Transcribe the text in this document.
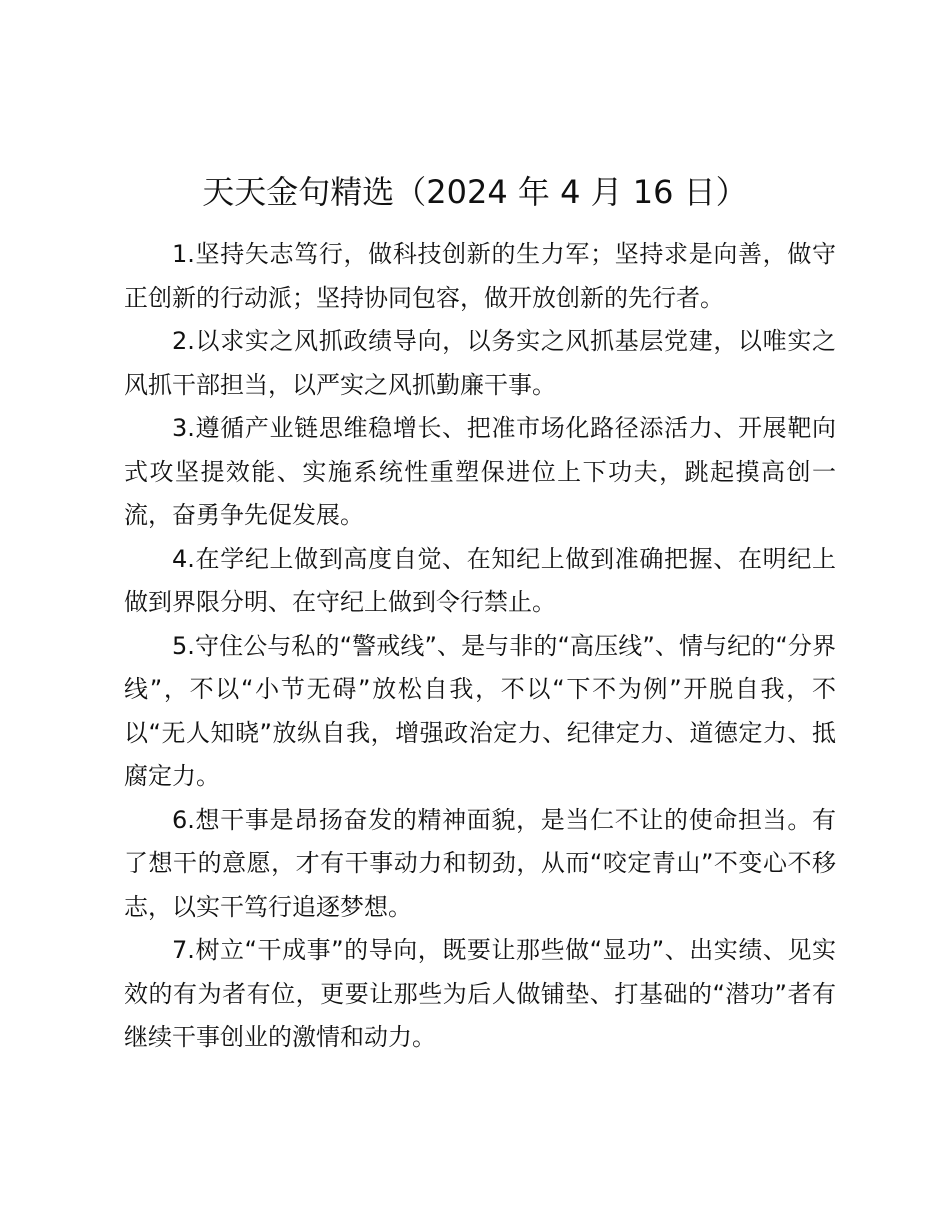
天天金句精选（2024 年 4 月 16 日）

1.坚持矢志笃行，做科技创新的生力军；坚持求是向善，做守正创新的行动派；坚持协同包容，做开放创新的先行者。

2.以求实之风抓政绩导向，以务实之风抓基层党建，以唯实之风抓干部担当，以严实之风抓勤廉干事。

3.遵循产业链思维稳增长、把准市场化路径添活力、开展靶向式攻坚提效能、实施系统性重塑保进位上下功夫，跳起摸高创一流，奋勇争先促发展。

4.在学纪上做到高度自觉、在知纪上做到准确把握、在明纪上做到界限分明、在守纪上做到令行禁止。

5.守住公与私的“警戒线”、是与非的“高压线”、情与纪的“分界线”，不以“小节无碍”放松自我，不以“下不为例”开脱自我，不以“无人知晓”放纵自我，增强政治定力、纪律定力、道德定力、抵腐定力。

6.想干事是昂扬奋发的精神面貌，是当仁不让的使命担当。有了想干的意愿，才有干事动力和韧劲，从而“咬定青山”不变心不移志，以实干笃行追逐梦想。

7.树立“干成事”的导向，既要让那些做“显功”、出实绩、见实效的有为者有位，更要让那些为后人做铺垫、打基础的“潜功”者有继续干事创业的激情和动力。
